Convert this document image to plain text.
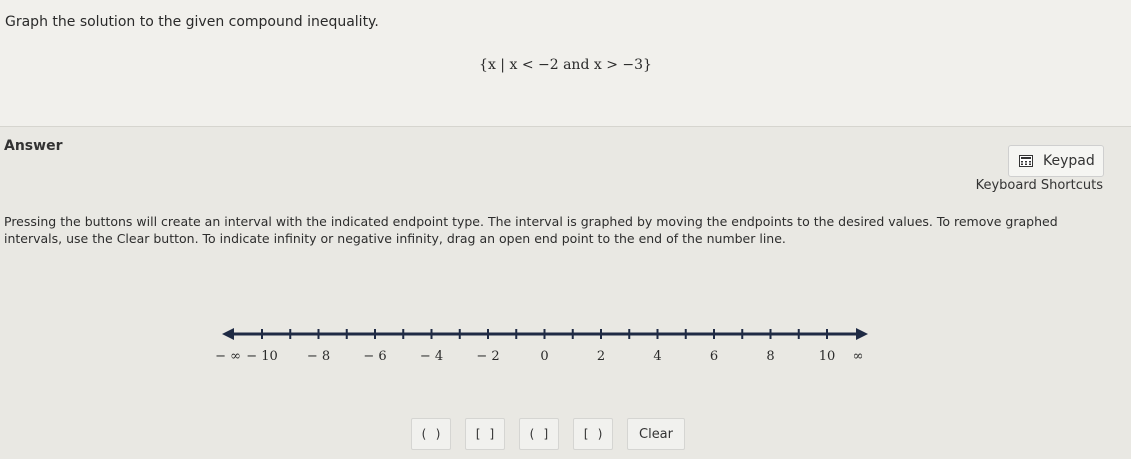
Graph the solution to the given compound inequality.
{x | x < −2 and x > −3}
Answer
Keypad
Keyboard Shortcuts
Pressing the buttons will create an interval with the indicated endpoint type. The interval is graphed by moving the endpoints to the desired values. To remove graphed intervals, use the Clear button. To indicate infinity or negative infinity, drag an open end point to the end of the number line.
− ∞ − 10 − 8	− 6	− 4	− 2	0	2	4	6	8	10 ∞
( )	[ ]	( ]	[ )	Clear
